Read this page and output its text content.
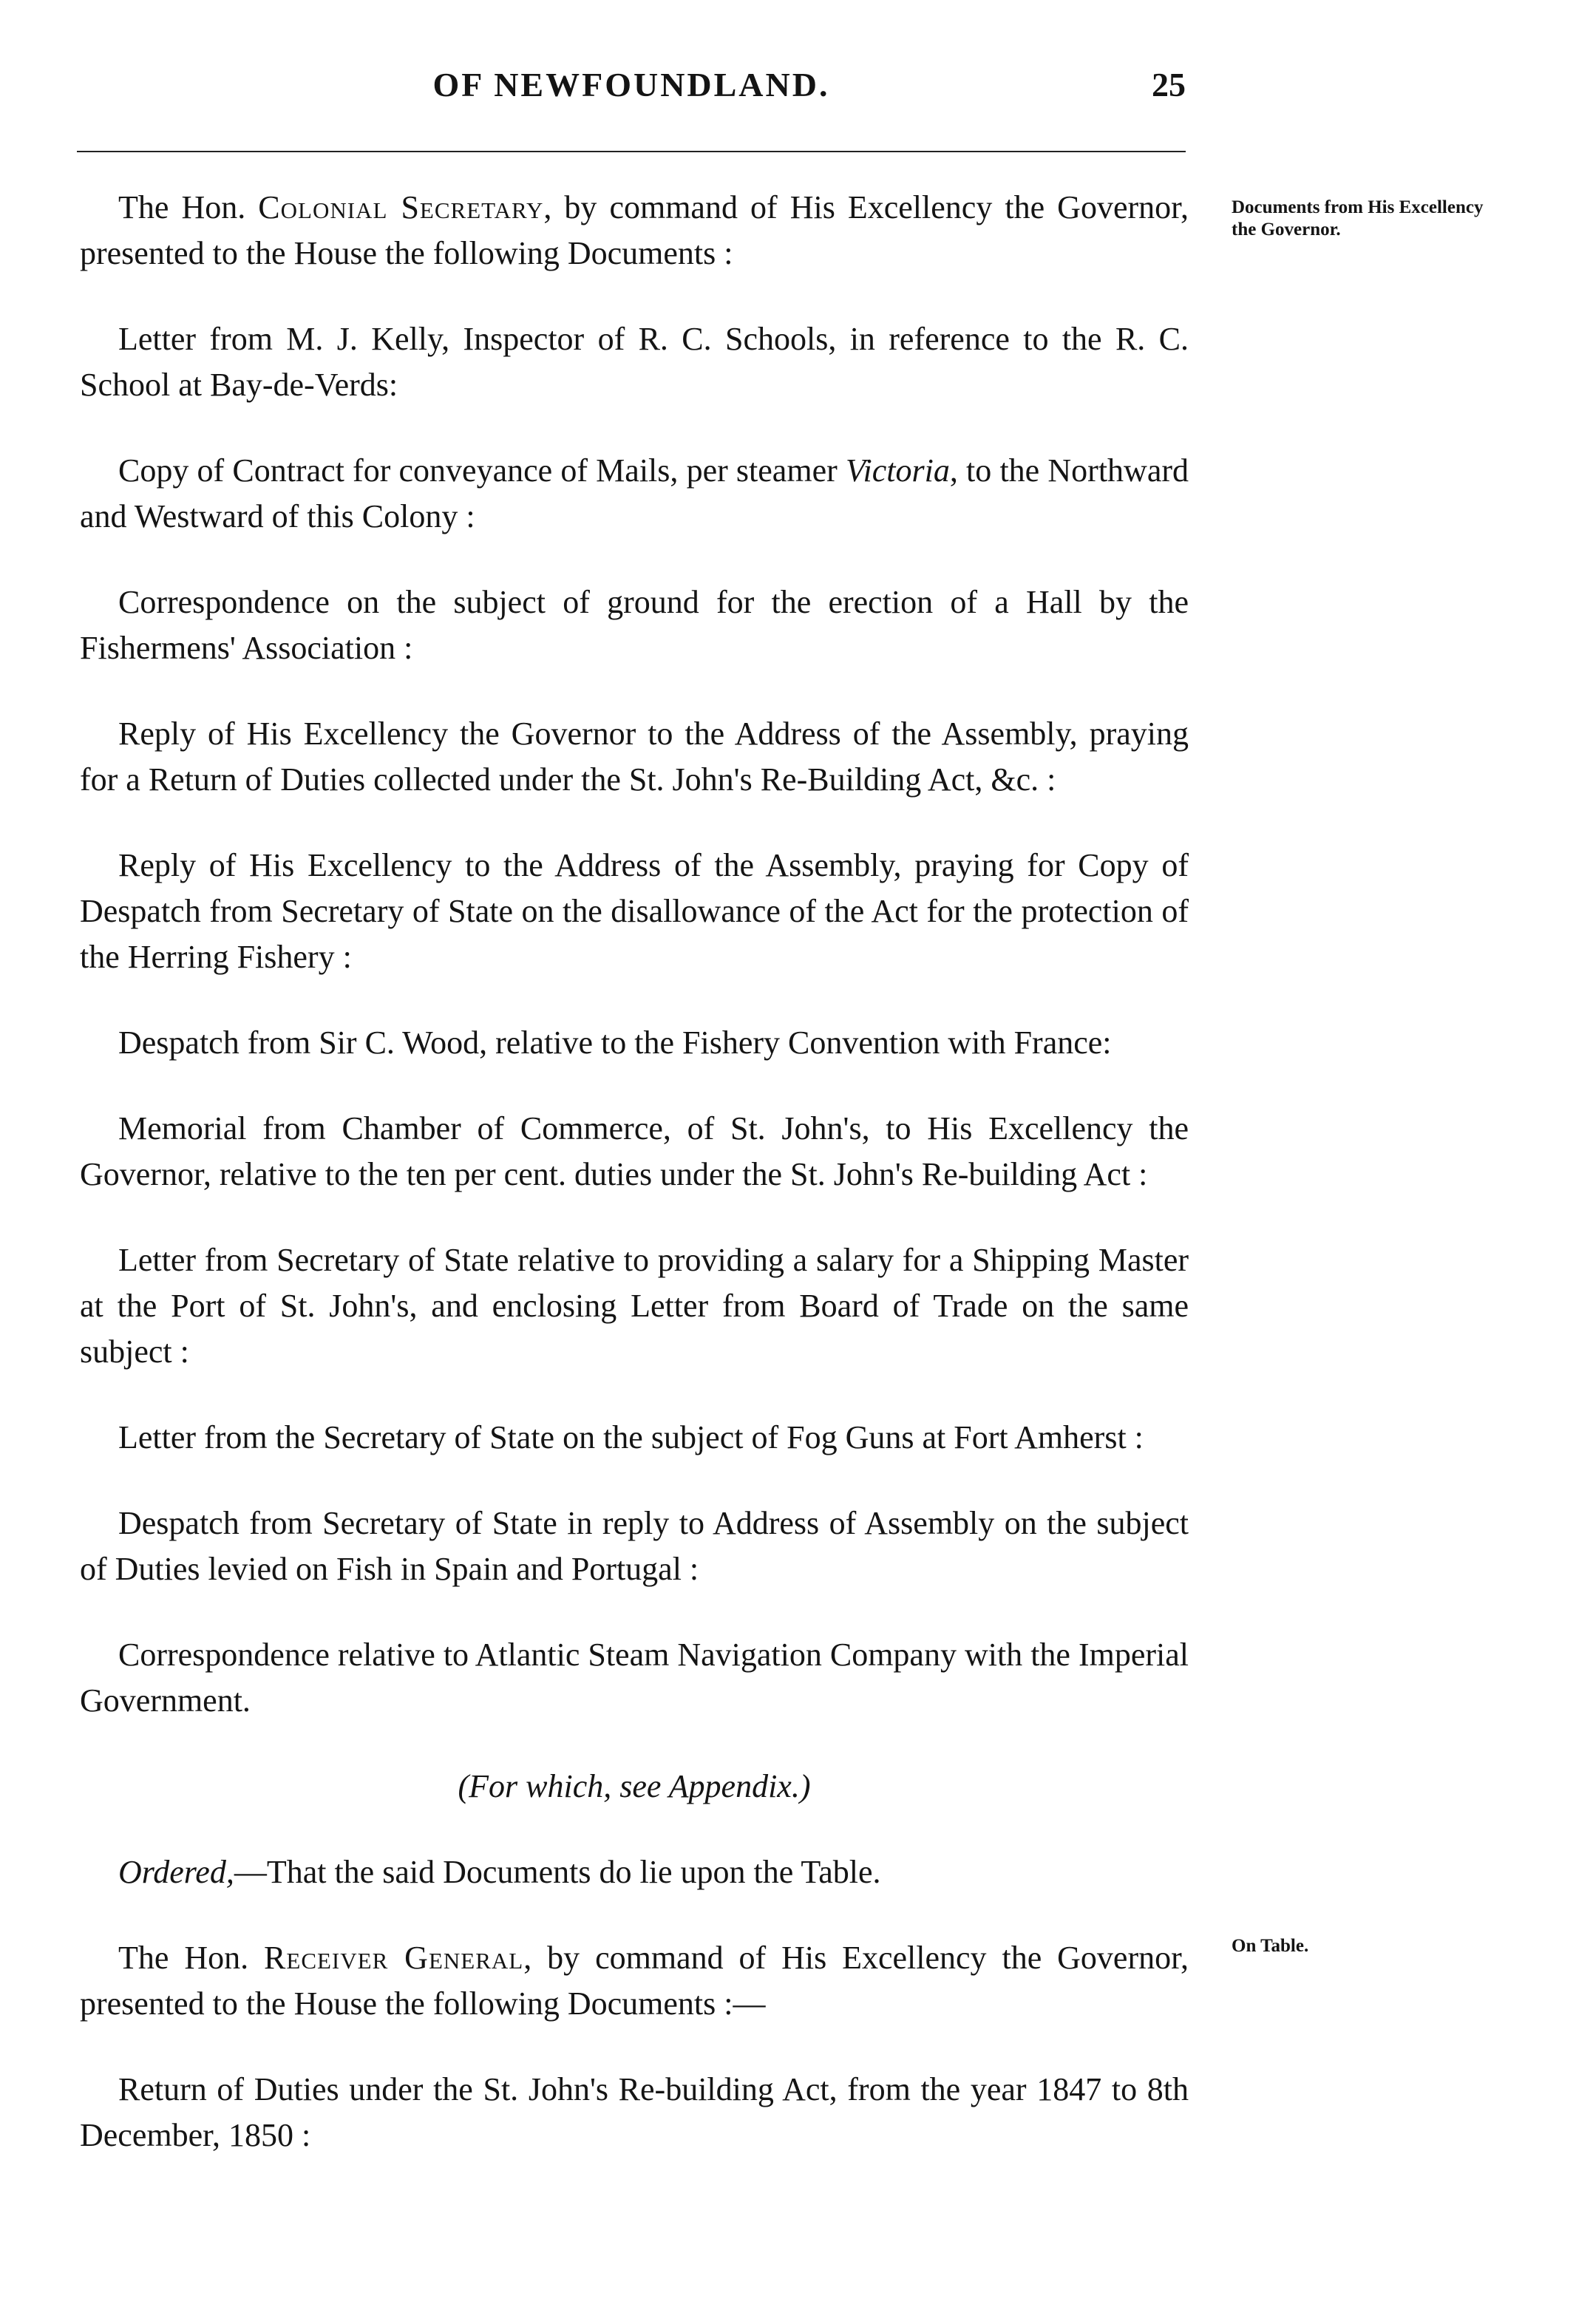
OF NEWFOUNDLAND.	25
Documents from His Excellency the Governor.
On Table.

The Hon. Colonial Secretary, by command of His Excellency the Governor, presented to the House the following Documents :

Letter from M. J. Kelly, Inspector of R. C. Schools, in reference to the R. C. School at Bay-de-Verds:

Copy of Contract for conveyance of Mails, per steamer Victoria, to the Northward and Westward of this Colony :

Correspondence on the subject of ground for the erection of a Hall by the Fishermens' Association :

Reply of His Excellency the Governor to the Address of the Assembly, praying for a Return of Duties collected under the St. John's Re-Building Act, &c. :

Reply of His Excellency to the Address of the Assembly, praying for Copy of Despatch from Secretary of State on the disallowance of the Act for the protection of the Herring Fishery :

Despatch from Sir C. Wood, relative to the Fishery Convention with France:

Memorial from Chamber of Commerce, of St. John's, to His Excellency the Governor, relative to the ten per cent. duties under the St. John's Re-building Act :

Letter from Secretary of State relative to providing a salary for a Shipping Master at the Port of St. John's, and enclosing Letter from Board of Trade on the same subject :

Letter from the Secretary of State on the subject of Fog Guns at Fort Amherst :

Despatch from Secretary of State in reply to Address of Assembly on the subject of Duties levied on Fish in Spain and Portugal :

Correspondence relative to Atlantic Steam Navigation Company with the Imperial Government.

(For which, see Appendix.)

Ordered,—That the said Documents do lie upon the Table.

The Hon. Receiver General, by command of His Excellency the Governor, presented to the House the following Documents :—

Return of Duties under the St. John's Re-building Act, from the year 1847 to 8th December, 1850 :
